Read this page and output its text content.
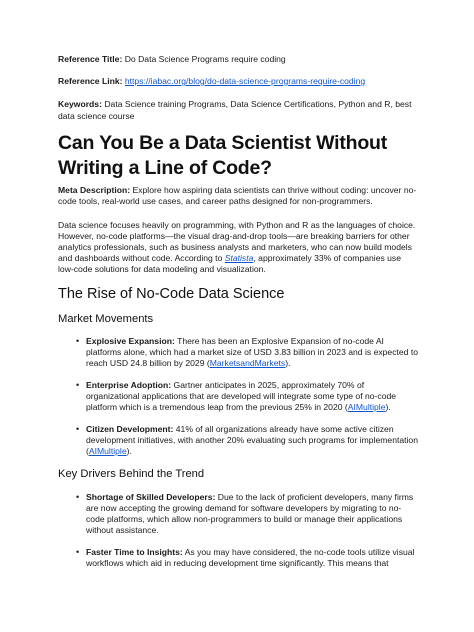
Reference Title: Do Data Science Programs require coding

Reference Link: https://iabac.org/blog/do-data-science-programs-require-coding

Keywords: Data Science training Programs, Data Science Certifications, Python and R, best data science course

Can You Be a Data Scientist Without Writing a Line of Code?

Meta Description: Explore how aspiring data scientists can thrive without coding: uncover no-code tools, real-world use cases, and career paths designed for non-programmers.

Data science focuses heavily on programming, with Python and R as the languages of choice. However, no-code platforms—the visual drag-and-drop tools—are breaking barriers for other analytics professionals, such as business analysts and marketers, who can now build models and dashboards without code. According to Statista, approximately 33% of companies use low-code solutions for data modeling and visualization.

The Rise of No-Code Data Science
Market Movements
• Explosive Expansion: There has been an Explosive Expansion of no-code AI platforms alone, which had a market size of USD 3.83 billion in 2023 and is expected to reach USD 24.8 billion by 2029 (MarketsandMarkets).
• Enterprise Adoption: Gartner anticipates in 2025, approximately 70% of organizational applications that are developed will integrate some type of no-code platform which is a tremendous leap from the previous 25% in 2020 (AIMultiple).
• Citizen Development: 41% of all organizations already have some active citizen development initiatives, with another 20% evaluating such programs for implementation (AIMultiple).
Key Drivers Behind the Trend
• Shortage of Skilled Developers: Due to the lack of proficient developers, many firms are now accepting the growing demand for software developers by migrating to no-code platforms, which allow non-programmers to build or manage their applications without assistance.
• Faster Time to Insights: As you may have considered, the no-code tools utilize visual workflows which aid in reducing development time significantly. This means that
